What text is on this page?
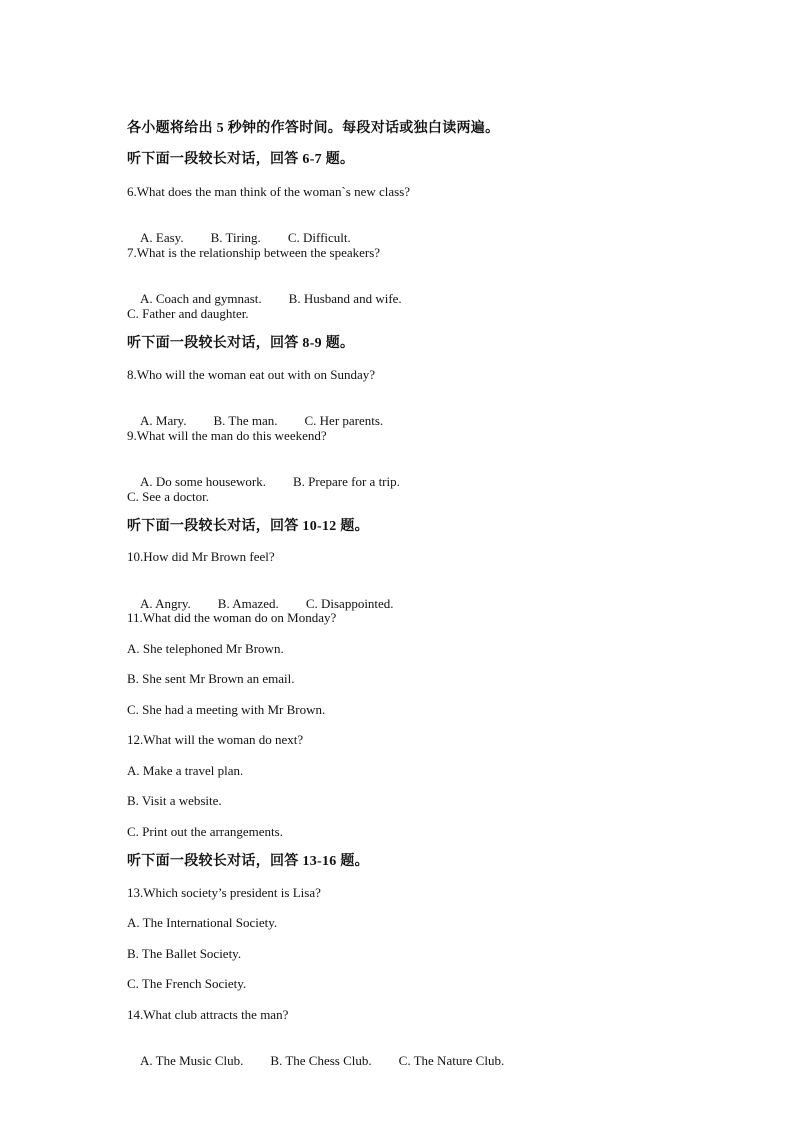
各小题将给出 5 秒钟的作答时间。每段对话或独白读两遍。
听下面一段较长对话，回答 6-7 题。
6.What does the man think of the woman`s new class?

A. Easy. B. Tiring. C. Difficult.

7.What is the relationship between the speakers?

A. Coach and gymnast. B. Husband and wife.

C. Father and daughter.
听下面一段较长对话，回答 8-9 题。
8.Who will the woman eat out with on Sunday?

A. Mary. B. The man. C. Her parents.

9.What will the man do this weekend?

A. Do some housework. B. Prepare for a trip.

C. See a doctor.
听下面一段较长对话，回答 10-12 题。
10.How did Mr Brown feel?

A. Angry. B. Amazed. C. Disappointed.

11.What did the woman do on Monday?
A. She telephoned Mr Brown.
B. She sent Mr Brown an email.
C. She had a meeting with Mr Brown.
12.What will the woman do next?
A. Make a travel plan.
B. Visit a website.
C. Print out the arrangements.
听下面一段较长对话，回答 13-16 题。
13.Which society’s president is Lisa?
A. The International Society.
B. The Ballet Society.
C. The French Society.
14.What club attracts the man?

A. The Music Club. B. The Chess Club. C. The Nature Club.
